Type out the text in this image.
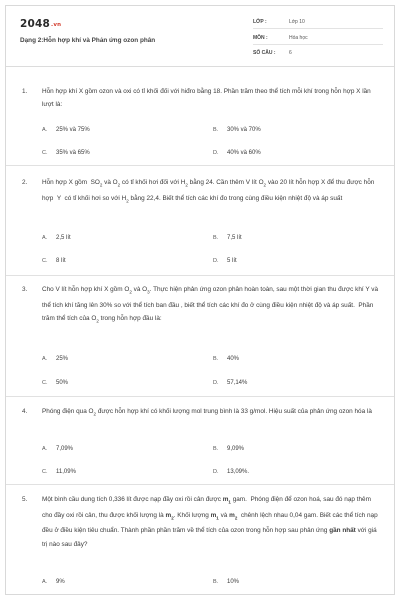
2048.vn
Dạng 2:Hỗn hợp khí và Phản ứng ozon phân
LỚP :	Lớp 10
MÔN :	Hóa học
SỐ CÂU :	6
1. Hỗn hợp khí X gồm ozon và oxi có tỉ khối đối với hiđro bằng 18. Phần trăm theo thể tích mỗi khí trong hỗn hợp X lần lượt là:
A. 25% và 75%	B. 30% và 70%
C. 35% và 65%	D. 40% và 60%
2. Hỗn hợp X gồm  $SO_2$ và $O_2$ có tỉ khối hơi đối với $H_2$ bằng 24. Cần thêm V lít $O_2$ vào 20 lít hỗn hợp X để thu được hỗn hợp  Y  có tỉ khối hơi so với $H_2$ bằng 22,4. Biết thể tích các khí đo trong cùng điều kiện nhiệt độ và áp suất
A. 2,5 lít	B. 7,5 lít
C. 8 lít	D. 5 lít
3. Cho V lít hỗn hợp khí X gồm $O_2$ và $O_3$. Thực hiện phản ứng ozon phân hoàn toàn, sau một thời gian thu được khí Y và thể tích khí tăng lên 30% so với thể tích ban đầu , biết thể tích các khí đo ở cùng điều kiện nhiệt độ và áp suất.  Phần trăm thể tích của $O_2$ trong hỗn hợp đầu là:
A. 25%	B. 40%
C. 50%	D. 57,14%
4. Phóng điện qua $O_2$ được hỗn hợp khí có khối lượng mol trung bình là 33 g/mol. Hiệu suất của phản ứng ozon hóa là
A. 7,09%	B. 9,09%
C. 11,09%	D. 13,09%.
5. Một bình cầu dung tích 0,336 lít được nạp đầy oxi rồi cân được $m_1$ gam.  Phóng điện để ozon hoá, sau đó nạp thêm cho đầy oxi rồi cân, thu được khối lượng là $m_2$. Khối lượng $m_1$ và $m_2$  chênh lệch nhau 0,04 gam. Biết các thể tích nạp đều ở điều kiện tiêu chuẩn. Thành phần phần trăm về thể tích của ozon trong hỗn hợp sau phản ứng gần nhất với giá trị nào sau đây?
A. 9%	B. 10%
